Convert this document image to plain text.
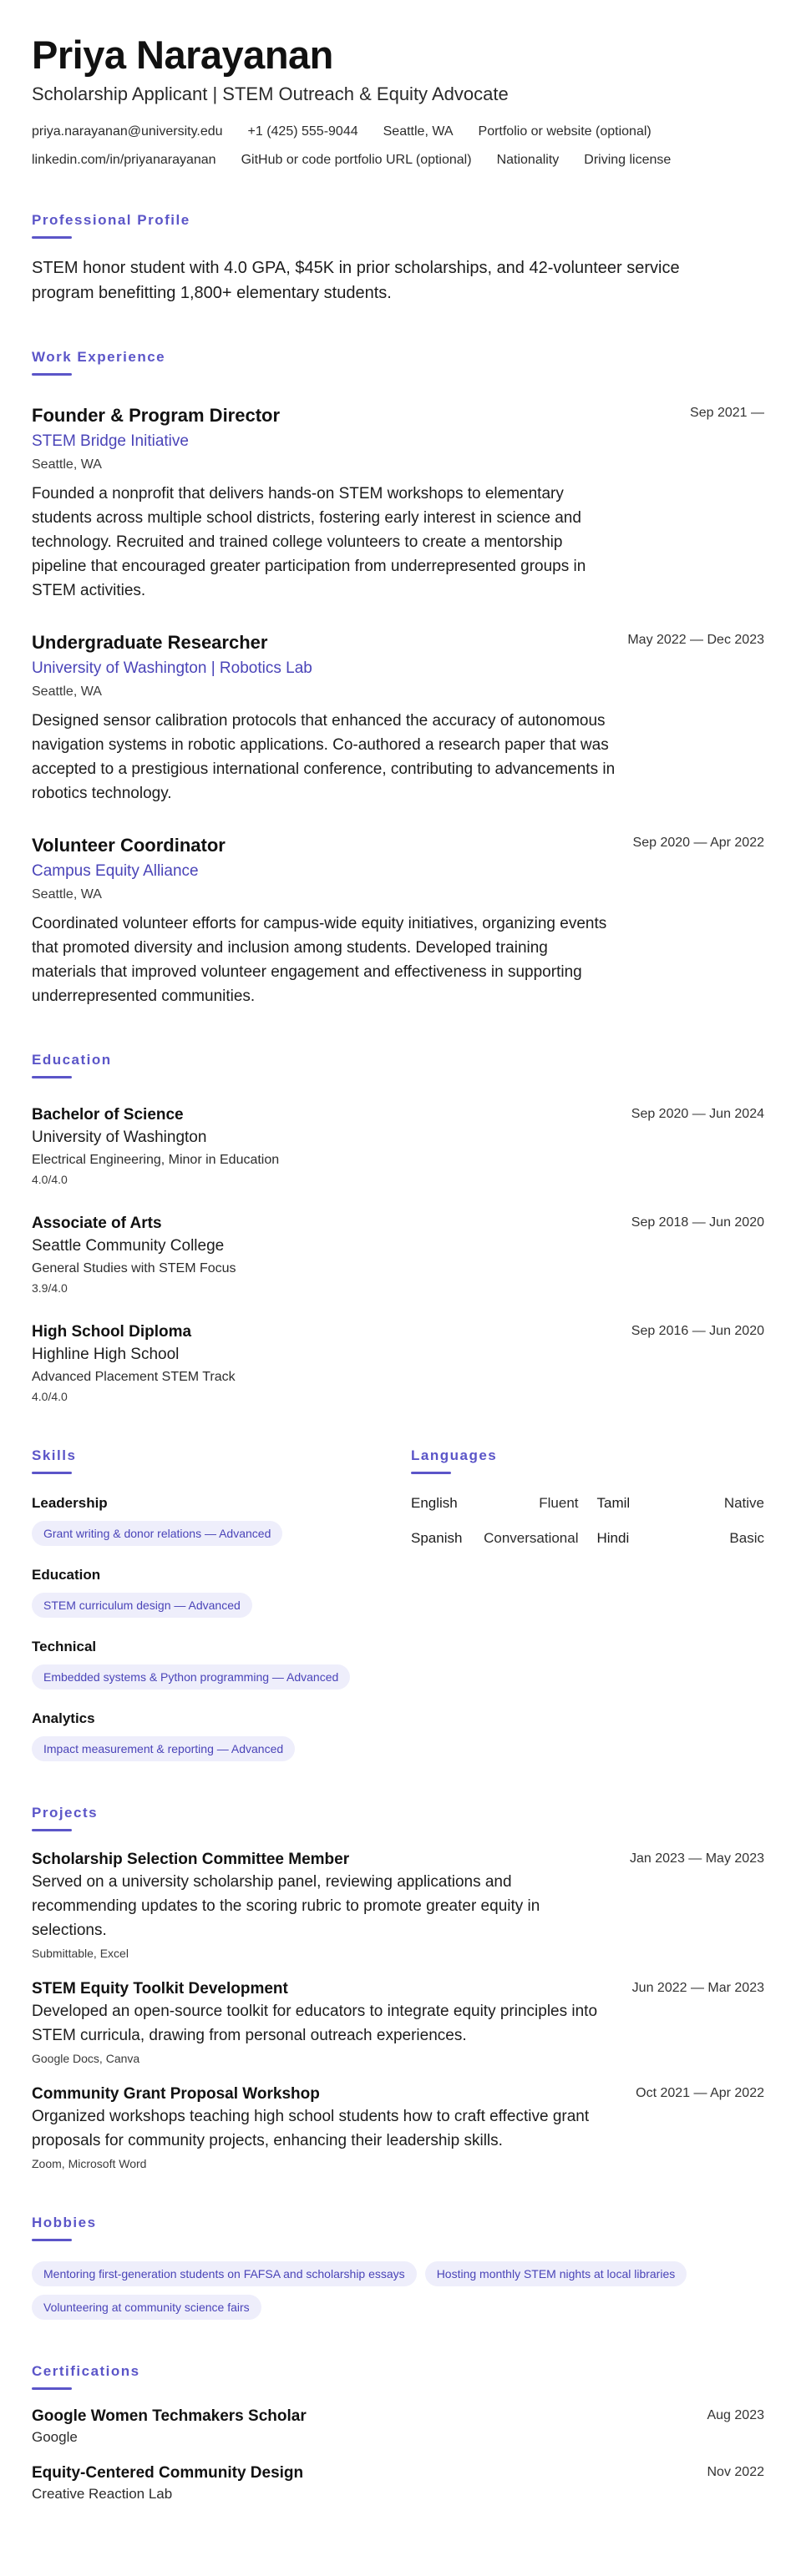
Priya Narayanan
Scholarship Applicant | STEM Outreach & Equity Advocate
priya.narayanan@university.edu +1 (425) 555-9044 Seattle, WA Portfolio or website (optional)
linkedin.com/in/priyanarayanan GitHub or code portfolio URL (optional) Nationality Driving license
Professional Profile
STEM honor student with 4.0 GPA, $45K in prior scholarships, and 42-volunteer service program benefitting 1,800+ elementary students.
Work Experience
Founder & Program Director	Sep 2021 —
STEM Bridge Initiative
Seattle, WA
Founded a nonprofit that delivers hands-on STEM workshops to elementary students across multiple school districts, fostering early interest in science and technology. Recruited and trained college volunteers to create a mentorship pipeline that encouraged greater participation from underrepresented groups in STEM activities.
Undergraduate Researcher	May 2022 — Dec 2023
University of Washington | Robotics Lab
Seattle, WA
Designed sensor calibration protocols that enhanced the accuracy of autonomous navigation systems in robotic applications. Co-authored a research paper that was accepted to a prestigious international conference, contributing to advancements in robotics technology.
Volunteer Coordinator	Sep 2020 — Apr 2022
Campus Equity Alliance
Seattle, WA
Coordinated volunteer efforts for campus-wide equity initiatives, organizing events that promoted diversity and inclusion among students. Developed training materials that improved volunteer engagement and effectiveness in supporting underrepresented communities.
Education
Bachelor of Science	Sep 2020 — Jun 2024
University of Washington
Electrical Engineering, Minor in Education
4.0/4.0
Associate of Arts	Sep 2018 — Jun 2020
Seattle Community College
General Studies with STEM Focus
3.9/4.0
High School Diploma	Sep 2016 — Jun 2020
Highline High School
Advanced Placement STEM Track
4.0/4.0
Skills
Leadership
Grant writing & donor relations — Advanced
Education
STEM curriculum design — Advanced
Technical
Embedded systems & Python programming — Advanced
Analytics
Impact measurement & reporting — Advanced
Languages
English	Fluent Tamil	Native
Spanish Conversational Hindi	Basic
Projects
Scholarship Selection Committee Member	Jan 2023 — May 2023
Served on a university scholarship panel, reviewing applications and recommending updates to the scoring rubric to promote greater equity in selections.
Submittable, Excel
STEM Equity Toolkit Development	Jun 2022 — Mar 2023
Developed an open-source toolkit for educators to integrate equity principles into STEM curricula, drawing from personal outreach experiences.
Google Docs, Canva
Community Grant Proposal Workshop	Oct 2021 — Apr 2022
Organized workshops teaching high school students how to craft effective grant proposals for community projects, enhancing their leadership skills.
Zoom, Microsoft Word
Hobbies
Mentoring first-generation students on FAFSA and scholarship essays	Hosting monthly STEM nights at local libraries
Volunteering at community science fairs
Certifications
Google Women Techmakers Scholar	Aug 2023
Google
Equity-Centered Community Design	Nov 2022
Creative Reaction Lab
